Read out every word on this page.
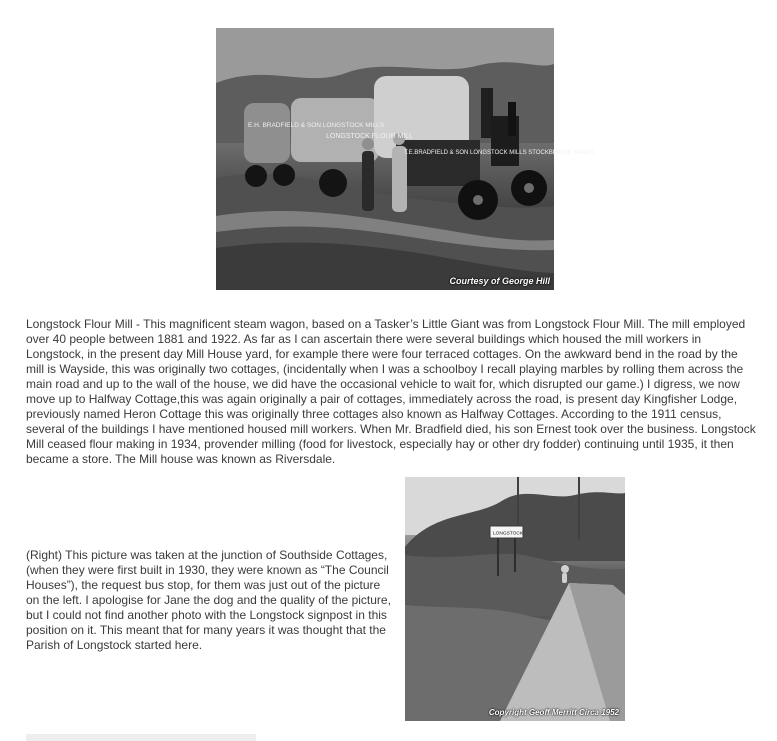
E.H. BRADFIELD & SON LONGSTOCK MILLS
LONGSTOCK FLOUR MILL
T.E.BRADFIELD & SON LONGSTOCK MILLS STOCKBRIDGE HANTS
Courtesy of George Hill
Longstock Flour Mill - This magnificent steam wagon, based on a Tasker’s Little Giant was from Longstock Flour Mill. The mill employed over 40 people between 1881 and 1922. As far as I can ascertain there were several buildings which housed the mill workers in Longstock, in the present day Mill House yard, for example there were four terraced cottages. On the awkward bend in the road by the mill is Wayside, this was originally two cottages, (incidentally when I was a schoolboy I recall playing marbles by rolling them across the main road and up to the wall of the house, we did have the occasional vehicle to wait for, which disrupted our game.) I digress, we now move up to Halfway Cottage,this was again originally a pair of cottages, immediately across the road, is present day Kingfisher Lodge, previously named Heron Cottage this was originally three cottages also known as Halfway Cottages. According to the 1911 census, several of the buildings I have mentioned housed mill workers. When Mr. Bradfield died, his son Ernest took over the business. Longstock Mill ceased flour making in 1934, provender milling (food for livestock, especially hay or other dry fodder) continuing until 1935, it then became a store. The Mill house was known as Riversdale.
(Right) This picture was taken at the junction of Southside Cottages, (when they were first built in 1930, they were known as “The Council Houses”), the request bus stop, for them was just out of the picture on the left. I apologise for Jane the dog and the quality of the picture, but I could not find another photo with the Longstock signpost in this position on it. This meant that for many years it was thought that the Parish of Longstock started here.
LONGSTOCK
Copyright Geoff Merritt Circa 1952
